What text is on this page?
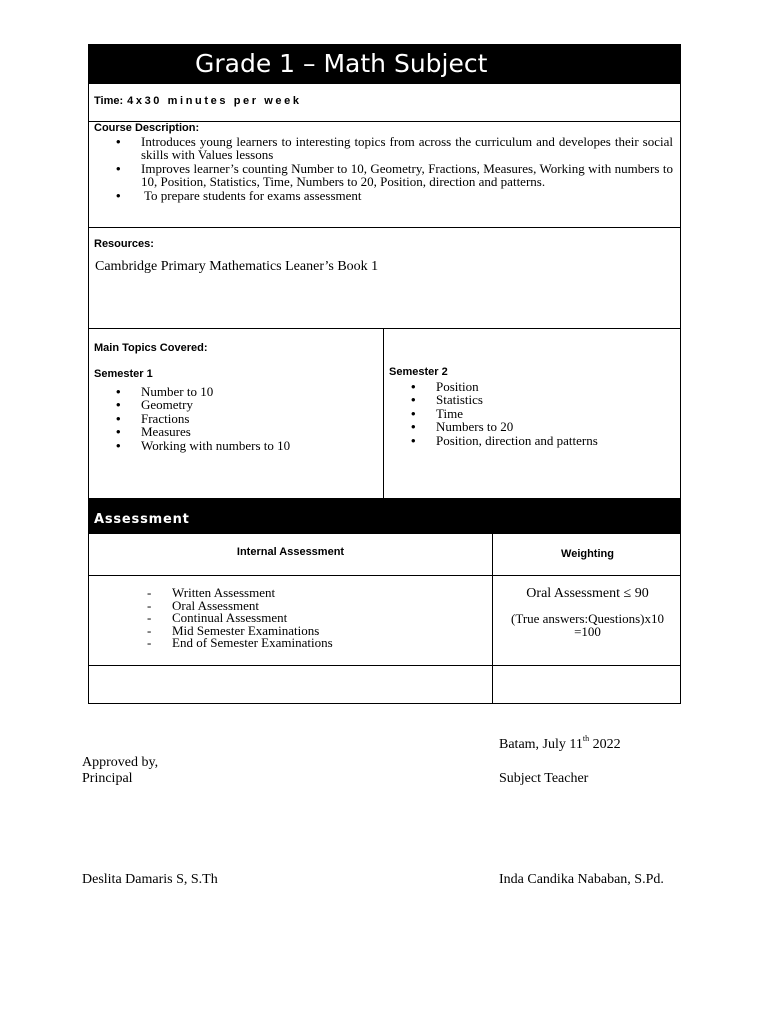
Grade 1 – Math Subject
Time: 4x30 minutes per week
Course Description:
• Introduces young learners to interesting topics from across the curriculum and developes their social skills with Values lessons
• Improves learner’s counting Number to 10, Geometry, Fractions, Measures, Working with numbers to 10, Position, Statistics, Time, Numbers to 20, Position, direction and patterns.
•  To prepare students for exams assessment
Resources:
Cambridge Primary Mathematics Leaner’s Book 1
Main Topics Covered:
Semester 1
• Number to 10
• Geometry
• Fractions
• Measures
• Working with numbers to 10
Semester 2
• Position
• Statistics
• Time
• Numbers to 20
• Position, direction and patterns
Assessment
Internal Assessment	Weighting
- Written Assessment
- Oral Assessment
- Continual Assessment
- Mid Semester Examinations
- End of Semester Examinations
Oral Assessment ≤ 90
(True answers:Questions)x10
=100
Batam, July 11th 2022
Approved by,
Principal	Subject Teacher
Deslita Damaris S, S.Th	Inda Candika Nababan, S.Pd.
